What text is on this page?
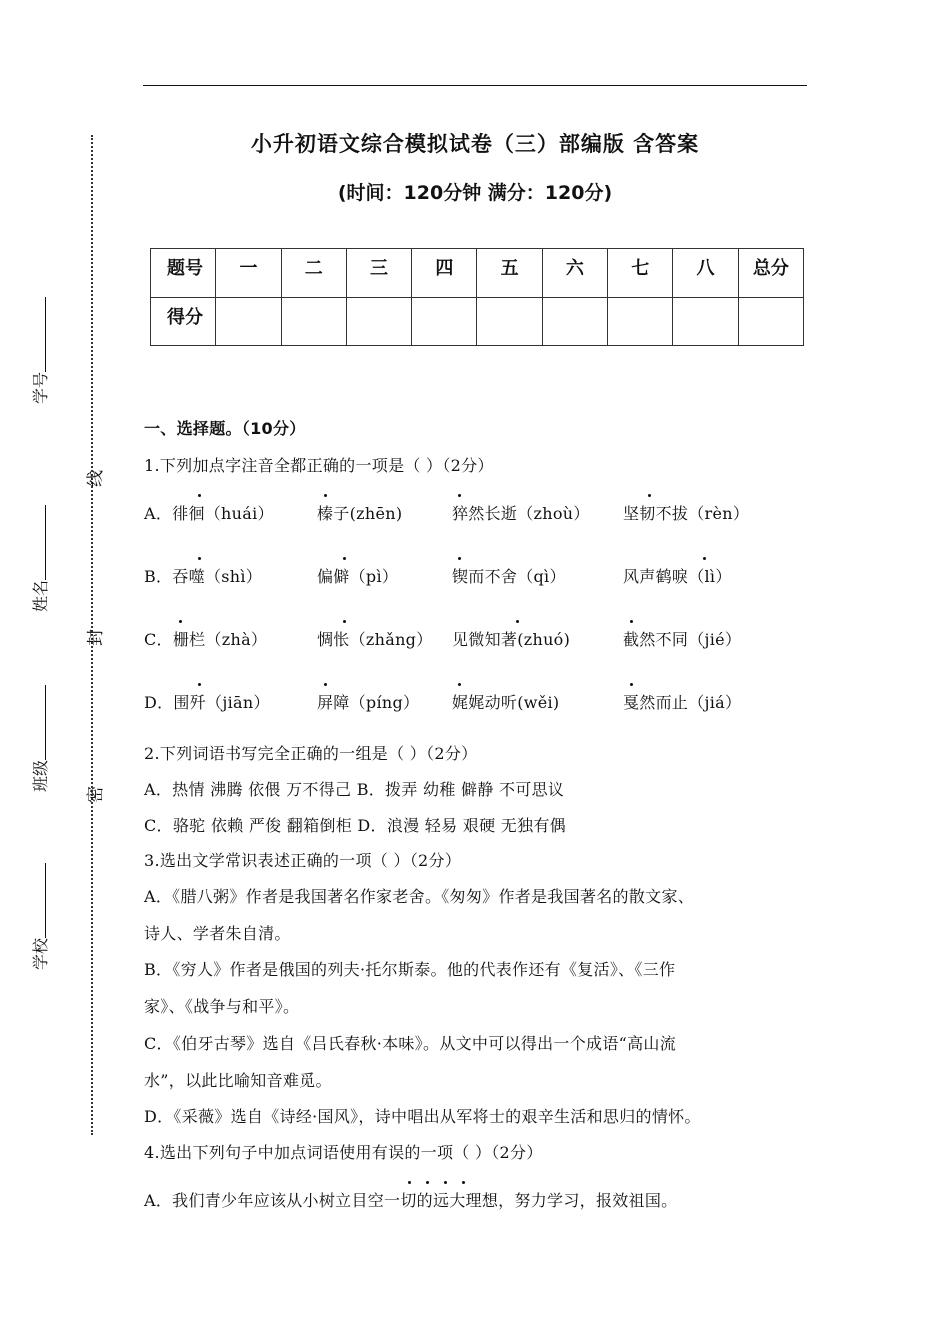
小升初语文综合模拟试卷（三）部编版 含答案
(时间：120分钟 满分：120分)
题号	一	二	三	四	五	六	七	八	总分
得分									
线
封
密
学号
姓名
班级
学校
一、选择题。（10分）
1.下列加点字注音全都正确的一项是（ ）（2分）
A．徘徊（huái）	榛子(zhēn)	猝然长逝（zhoù） 坚韧不拔（rèn）
B．吞噬（shì）	偏僻（pì）	锲而不舍（qì）	风声鹤唳（lì）
C．栅栏（zhà）	惆怅（zhǎng） 见微知著(zhuó)	截然不同（jié）
D．围歼（jiān）	屏障（píng） 娓娓动听(wěi)	戛然而止（jiá）
2.下列词语书写完全正确的一组是（ ）（2分）
A．热情 沸腾 依偎 万不得己 B．拨弄 幼稚 僻静 不可思议
C．骆驼 依赖 严俊 翻箱倒柜 D．浪漫 轻易 艰硬 无独有偶
3.选出文学常识表述正确的一项（ ）（2分）
A．《腊八粥》作者是我国著名作家老舍。《匆匆》作者是我国著名的散文家、
诗人、学者朱自清。
B．《穷人》作者是俄国的列夫·托尔斯泰。他的代表作还有《复活》、《三作
家》、《战争与和平》。
C．《伯牙古琴》选自《吕氏春秋·本味》。从文中可以得出一个成语“高山流
水”，以此比喻知音难觅。
D．《采薇》选自《诗经·国风》，诗中唱出从军将士的艰辛生活和思归的情怀。
4.选出下列句子中加点词语使用有误的一项（ ）（2分）
A．我们青少年应该从小树立目空一切的远大理想，努力学习，报效祖国。
